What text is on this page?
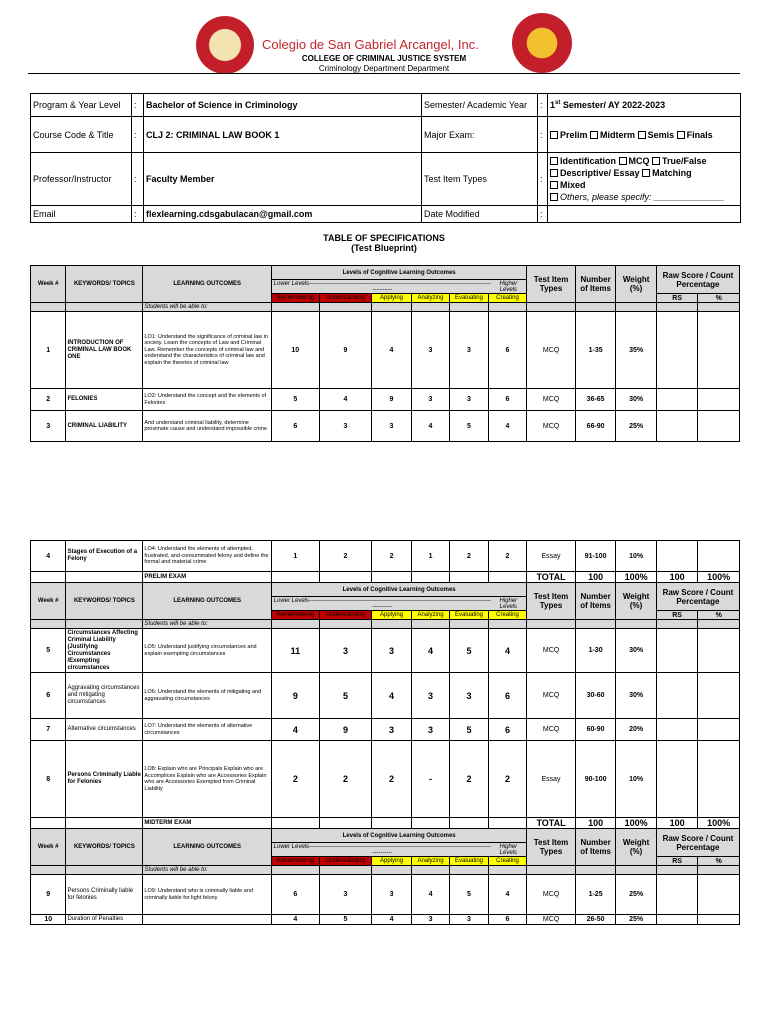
Colegio de San Gabriel Arcangel, Inc.
COLLEGE OF CRIMINAL JUSTICE SYSTEM
Criminology Department Department
Program & Year Level	:	Bachelor of Science in Criminology	Semester/ Academic Year	:	1st Semester/ AY 2022-2023
Course Code & Title	:	CLJ 2: CRIMINAL LAW BOOK 1	Major Exam:	:	Prelim Midterm Semis Finals
Professor/Instructor	:	Faculty Member	Test Item Types	:	Identification MCQ True/False
Descriptive/ Essay Matching
Mixed
Others, please specify: ______________
Email	:	flexlearning.cdsgabulacan@gmail.com	Date Modified	:	
TABLE OF SPECIFICATIONS
(Test Blueprint)
Week #	KEYWORDS/ TOPICS	LEARNING OUTCOMES	Levels of Cognitive Learning Outcomes						Test Item Types	Number of Items	Weight (%)	Raw Score / Count Percentage	

			Lower Levels-----------------------------------------------------------------------------------------------------
Higher Levels										

			Remembering	Understanding	Applying	Analyzing	Evaluating	Creating				RS	%
		Students will be able to:											
1	INTRODUCTION OF CRIMINAL LAW BOOK ONE	LO1: Understand the significance of criminal law in society. Learn the concepts of Law and Criminal Law. Remember the concepts of criminal law and understand the characteristics of criminal law and explain the theories of criminal law	10	9	4	3	3	6	MCQ	1-35	35%		
2	FELONIES	LO2: Understand the concept and the elements of Felonies	5	4	9	3	3	6	MCQ	36-65	30%		
3	CRIMINAL LIABILITY	And understand criminal liability, determine proximate cause and understand impossible crime	6	3	3	4	5	4	MCQ	66-90	25%		
4	Stages of Execution of a Felony	LO4: Understand the elements of attempted, frustrated, and consummated felony and define the formal and material crime	1	2	2	1	2	2	Essay	91-100	10%		
		PRELIM EXAM							TOTAL	100	100%	100	100%
Week #	KEYWORDS/ TOPICS	LEARNING OUTCOMES	Levels of Cognitive Learning Outcomes						Test Item Types	Number of Items	Weight (%)	Raw Score / Count Percentage	

			Lower Levels-----------------------------------------------------------------------------------------------------
Higher Levels										

			Remembering	Understanding	Applying	Analyzing	Evaluating	Creating				RS	%
		Students will be able to:											
5	Circumstances Affecting Criminal Liability (Justifying Circumstances /Exempting circumstances	LO5: Understand justifying circumstances and explain exempting circumstances	11	3	3	4	5	4	MCQ	1-30	30%		
6	Aggravating circumstances and mitigating circumstances	LO6: Understand the elements of mitigating and aggravating circumstances	9	5	4	3	3	6	MCQ	30-60	30%		
7	Alternative circumstances	LO7: Understand the elements of alternative circumstances	4	9	3	3	5	6	MCQ	60-90	20%		
8	Persons Criminally Liable for Felonies	LO8: Explain who are Principals Explain who are Accomplices Explain who are Accessories Explain who are Accessories Exempted from Criminal Liability	2	2	2	-	2	2	Essay	90-100	10%		
		MIDTERM EXAM							TOTAL	100	100%	100	100%
Week #	KEYWORDS/ TOPICS	LEARNING OUTCOMES	Levels of Cognitive Learning Outcomes						Test Item Types	Number of Items	Weight (%)	Raw Score / Count Percentage	

			Lower Levels-----------------------------------------------------------------------------------------------------
Higher Levels										

			Remembering	Understanding	Applying	Analyzing	Evaluating	Creating				RS	%
		Students will be able to:											
9	Persons Criminally liable for felonies	LO9: Understand who is criminally liable and criminally liable for light felony	6	3	3	4	5	4	MCQ	1-25	25%		
10	Duration of Penalties		4	5	4	3	3	6	MCQ	26-50	25%		
